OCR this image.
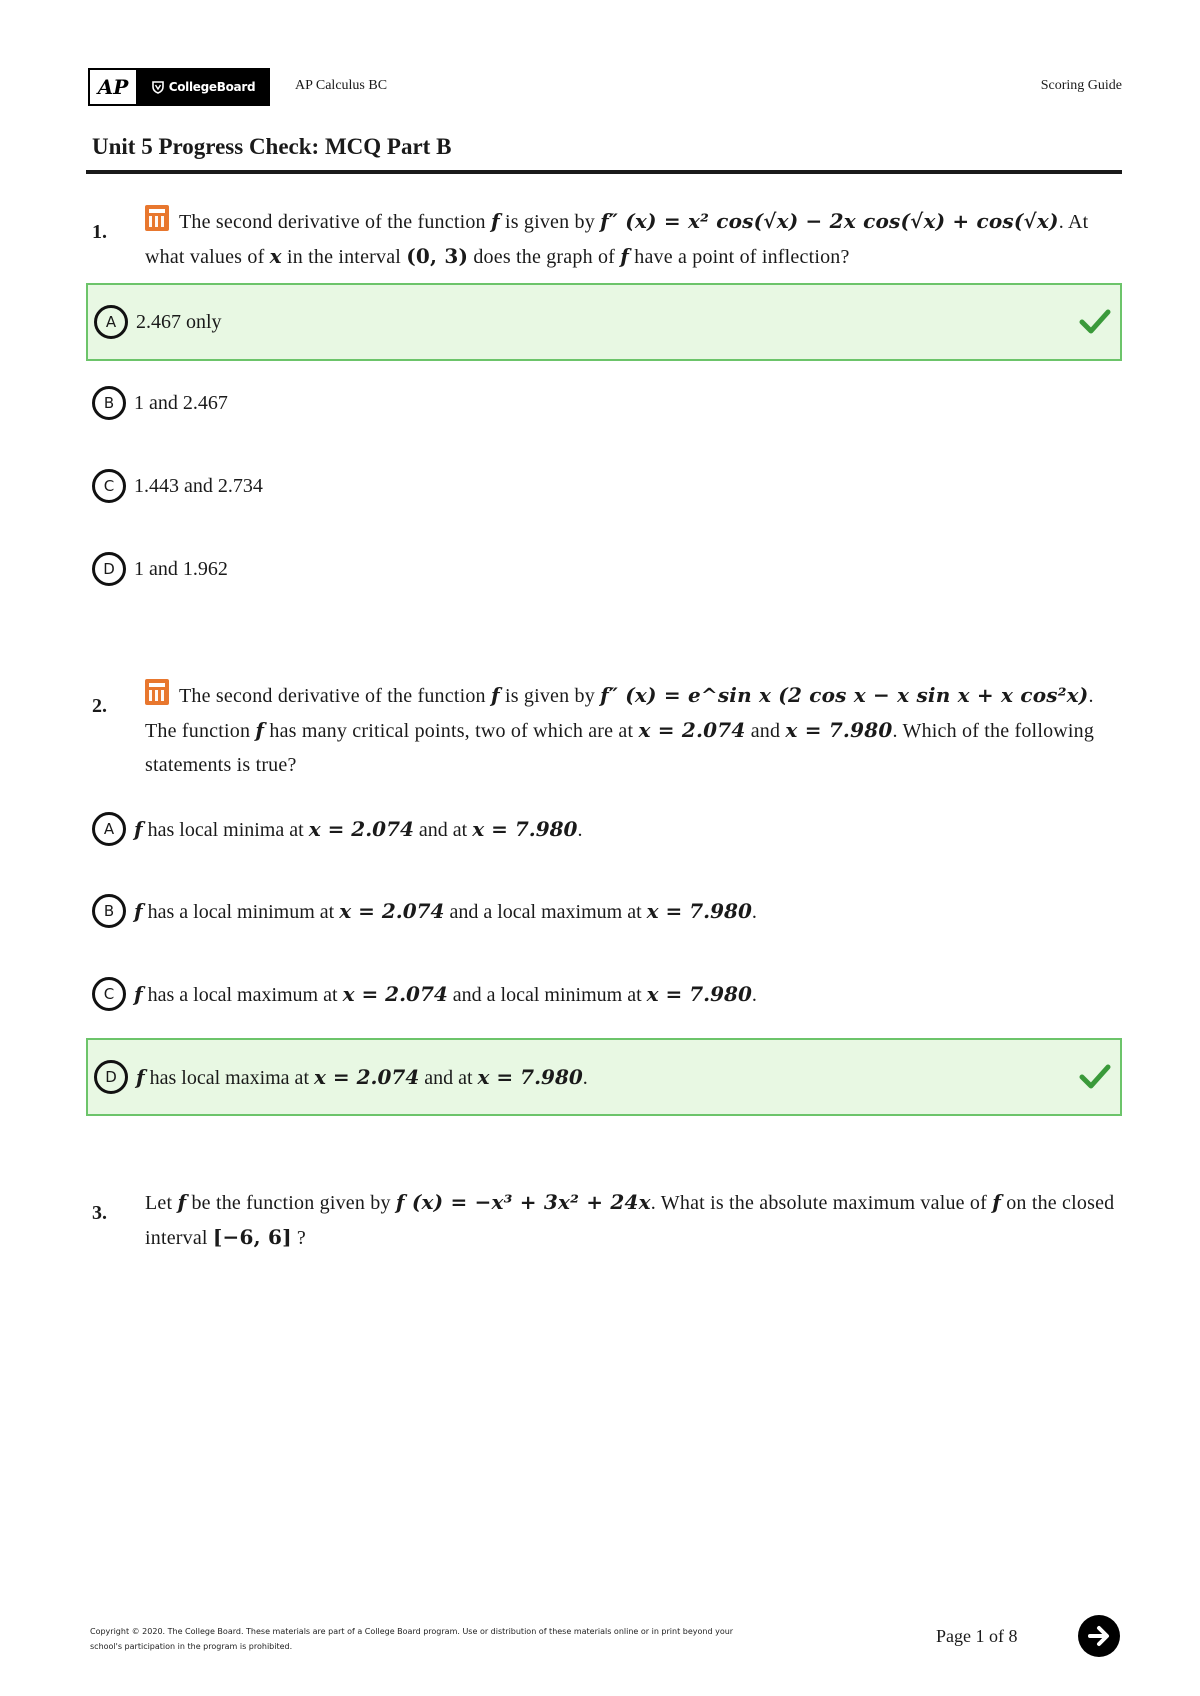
AP	CollegeBoard	AP Calculus BC	Scoring Guide
Unit 5 Progress Check: MCQ Part B
1.	The second derivative of the function f is given by f″ (x) = x² cos(√x) − 2x cos(√x) + cos(√x). At what values of x in the interval (0, 3) does the graph of f have a point of inflection?
A 2.467 only
B 1 and 2.467
C 1.443 and 2.734
D 1 and 1.962
2.	The second derivative of the function f is given by f″ (x) = e^sin x (2 cos x − x sin x + x cos²x). The function f has many critical points, two of which are at x = 2.074 and x = 7.980. Which of the following statements is true?
A f has local minima at x = 2.074 and at x = 7.980.
B f has a local minimum at x = 2.074 and a local maximum at x = 7.980.
C f has a local maximum at x = 2.074 and a local minimum at x = 7.980.
D f has local maxima at x = 2.074 and at x = 7.980.
3. Let f be the function given by f (x) = −x³ + 3x² + 24x. What is the absolute maximum value of f on the closed interval [−6, 6] ?
Copyright © 2020. The College Board. These materials are part of a College Board program. Use or distribution of these materials online or in print beyond your school's participation in the program is prohibited.
Page 1 of 8
